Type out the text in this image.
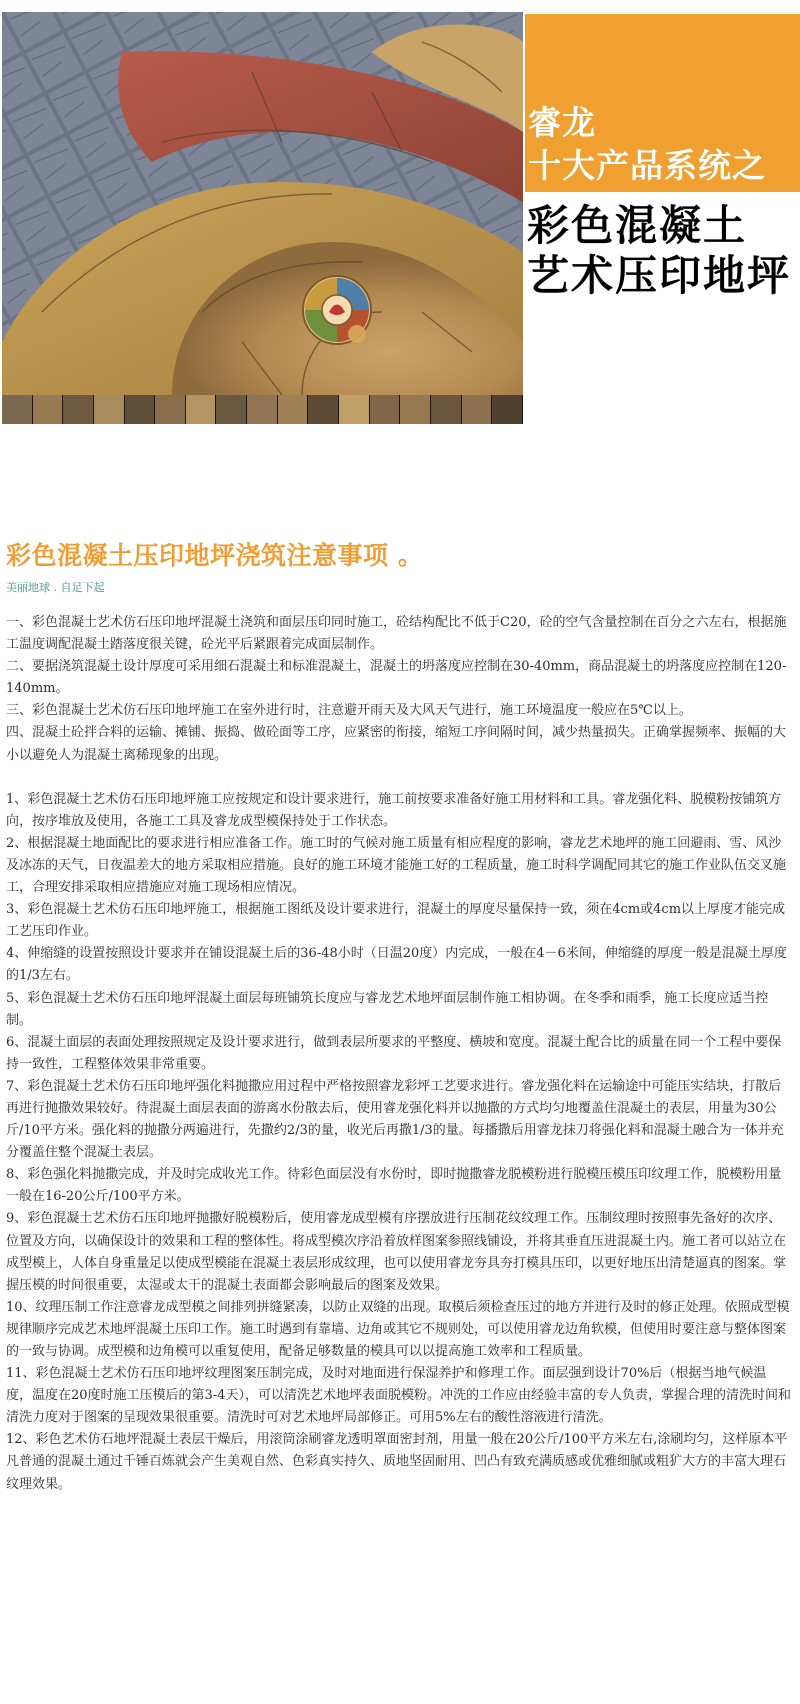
睿龙
十大产品系统之
彩色混凝土
艺术压印地坪
彩色混凝土压印地坪浇筑注意事项 。
美丽地球 . 自足下起

一、彩色混凝土艺术仿石压印地坪混凝土浇筑和面层压印同时施工，砼结构配比不低于C20，砼的空气含量控制在百分之六左右，根据施工温度调配混凝土踏落度很关键，砼光平后紧跟着完成面层制作。

二、要据浇筑混凝土设计厚度可采用细石混凝土和标准混凝土，混凝土的坍落度应控制在30-40mm，商品混凝土的坍落度应控制在120-140mm。

三、彩色混凝土艺术仿石压印地坪施工在室外进行时，注意避开雨天及大风天气进行，施工环境温度一般应在5℃以上。

四、混凝土砼拌合料的运输、摊铺、振捣、做砼面等工序，应紧密的衔接，缩短工序间隔时间，减少热量损失。正确掌握频率、振幅的大小以避免人为混凝土离稀现象的出现。

1、彩色混凝土艺术仿石压印地坪施工应按规定和设计要求进行，施工前按要求准备好施工用材料和工具。睿龙强化料、脱模粉按铺筑方向，按序堆放及使用，各施工工具及睿龙成型模保持处于工作状态。

2、根据混凝土地面配比的要求进行相应准备工作。施工时的气候对施工质量有相应程度的影响，睿龙艺术地坪的施工回避雨、雪、风沙及冰冻的天气，日夜温差大的地方采取相应措施。良好的施工环境才能施工好的工程质量，施工时科学调配同其它的施工作业队伍交叉施工，合理安排采取相应措施应对施工现场相应情况。

3、彩色混凝土艺术仿石压印地坪施工，根据施工图纸及设计要求进行，混凝土的厚度尽量保持一致，须在4cm或4cm以上厚度才能完成工艺压印作业。

4、伸缩缝的设置按照设计要求并在铺设混凝土后的36-48小时（日温20度）内完成，一般在4－6米间，伸缩缝的厚度一般是混凝土厚度的1/3左右。

5、彩色混凝土艺术仿石压印地坪混凝土面层每班铺筑长度应与睿龙艺术地坪面层制作施工相协调。在冬季和雨季，施工长度应适当控制。

6、混凝土面层的表面处理按照规定及设计要求进行，做到表层所要求的平整度、横坡和宽度。混凝土配合比的质量在同一个工程中要保持一致性，工程整体效果非常重要。

7、彩色混凝土艺术仿石压印地坪强化料抛撒应用过程中严格按照睿龙彩坪工艺要求进行。睿龙强化料在运输途中可能压实结块，打散后再进行抛撒效果较好。待混凝土面层表面的游离水份散去后，使用睿龙强化料并以抛撒的方式均匀地覆盖住混凝土的表层，用量为30公斤/10平方米。强化料的抛撒分两遍进行，先撒约2/3的量，收光后再撒1/3的量。每播撒后用睿龙抹刀将强化料和混凝土融合为一体并充分覆盖住整个混凝土表层。

8、彩色强化料抛撒完成，并及时完成收光工作。待彩色面层没有水份时，即时抛撒睿龙脱模粉进行脱模压模压印纹理工作，脱模粉用量一般在16-20公斤/100平方米。

9、彩色混凝土艺术仿石压印地坪抛撒好脱模粉后，使用睿龙成型模有序摆放进行压制花纹纹理工作。压制纹理时按照事先备好的次序、位置及方向，以确保设计的效果和工程的整体性。将成型模次序沿着放样图案参照线铺设，并将其垂直压进混凝土内。施工者可以站立在成型模上，人体自身重量足以使成型模能在混凝土表层形成纹理，也可以使用睿龙夯具夯打模具压印，以更好地压出清楚逼真的图案。掌握压模的时间很重要，太湿或太干的混凝土表面都会影响最后的图案及效果。

10、纹理压制工作注意睿龙成型模之间排列拼缝紧凑，以防止双缝的出现。取模后须检查压过的地方并进行及时的修正处理。依照成型模规律顺序完成艺术地坪混凝土压印工作。施工时遇到有靠墙、边角或其它不规则处，可以使用睿龙边角软模，但使用时要注意与整体图案的一致与协调。成型模和边角模可以重复使用，配备足够数量的模具可以以提高施工效率和工程质量。

11、彩色混凝土艺术仿石压印地坪纹理图案压制完成，及时对地面进行保湿养护和修理工作。面层强到设计70%后（根据当地气候温度，温度在20度时施工压模后的第3-4天），可以清洗艺术地坪表面脱模粉。冲洗的工作应由经验丰富的专人负责，掌握合理的清洗时间和清洗力度对于图案的呈现效果很重要。清洗时可对艺术地坪局部修正。可用5%左右的酸性溶液进行清洗。

12、彩色艺术仿石地坪混凝土表层干燥后，用滚筒涂刷睿龙透明罩面密封剂，用量一般在20公斤/100平方米左右,涂刷均匀，这样原本平凡普通的混凝土通过千锤百炼就会产生美观自然、色彩真实持久、质地坚固耐用、凹凸有致充满质感或优雅细腻或粗犷大方的丰富大理石纹理效果。
